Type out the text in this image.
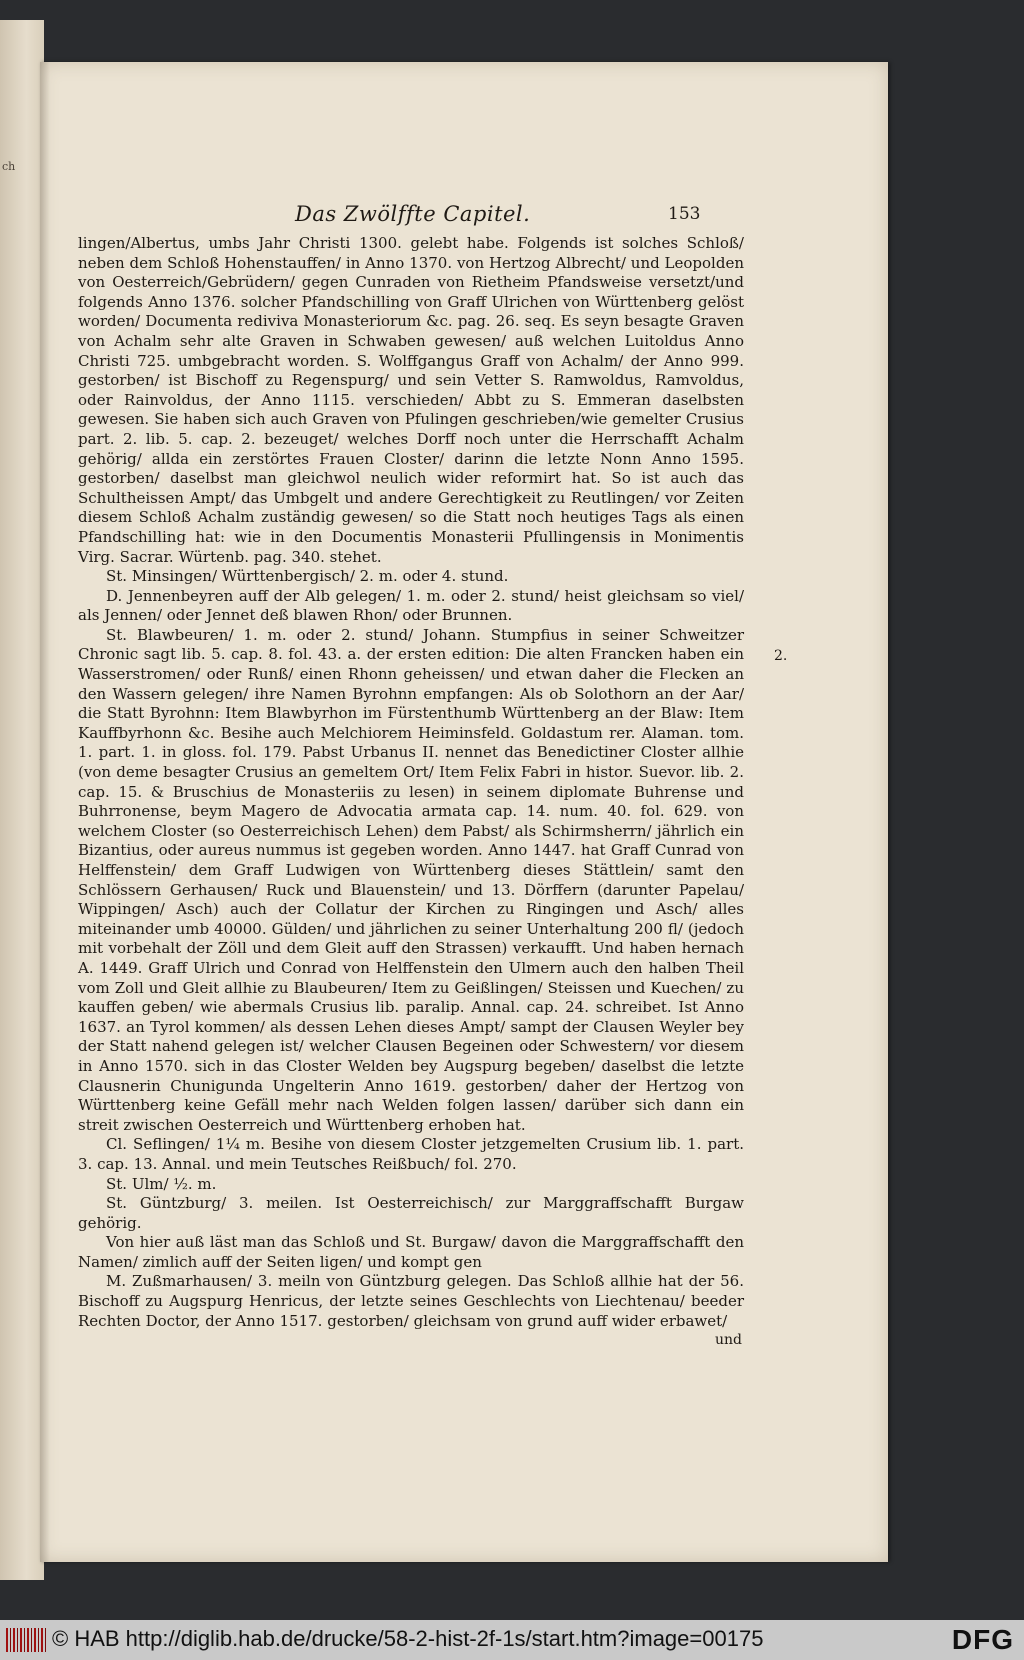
ch
Das Zwölffte Capitel.	153

lingen/Albertus, umbs Jahr Christi 1300. gelebt habe. Folgends ist solches Schloß/ neben dem Schloß Hohenstauffen/ in Anno 1370. von Hertzog Albrecht/ und Leopolden von Oesterreich/Gebrüdern/ gegen Cunraden von Rietheim Pfandsweise versetzt/und folgends Anno 1376. solcher Pfandschilling von Graff Ulrichen von Württenberg gelöst worden/ Documenta rediviva Monasteriorum &c. pag. 26. seq. Es seyn besagte Graven von Achalm sehr alte Graven in Schwaben gewesen/ auß welchen Luitoldus Anno Christi 725. umbgebracht worden. S. Wolffgangus Graff von Achalm/ der Anno 999. gestorben/ ist Bischoff zu Regenspurg/ und sein Vetter S. Ramwoldus, Ramvoldus, oder Rainvoldus, der Anno 1115. verschieden/ Abbt zu S. Emmeran daselbsten gewesen. Sie haben sich auch Graven von Pfulingen geschrieben/wie gemelter Crusius part. 2. lib. 5. cap. 2. bezeuget/ welches Dorff noch unter die Herrschafft Achalm gehörig/ allda ein zerstörtes Frauen Closter/ darinn die letzte Nonn Anno 1595. gestorben/ daselbst man gleichwol neulich wider reformirt hat. So ist auch das Schultheissen Ampt/ das Umbgelt und andere Gerechtigkeit zu Reutlingen/ vor Zeiten diesem Schloß Achalm zuständig gewesen/ so die Statt noch heutiges Tags als einen Pfandschilling hat: wie in den Documentis Monasterii Pfullingensis in Monimentis Virg. Sacrar. Würtenb. pag. 340. stehet.

St. Minsingen/ Württenbergisch/ 2. m. oder 4. stund.

D. Jennenbeyren auff der Alb gelegen/ 1. m. oder 2. stund/ heist gleichsam so viel/ als Jennen/ oder Jennet deß blawen Rhon/ oder Brunnen.

St. Blawbeuren/ 1. m. oder 2. stund/ Johann. Stumpfius in seiner Schweitzer Chronic sagt lib. 5. cap. 8. fol. 43. a. der ersten edition: Die alten Francken haben ein Wasserstromen/ oder Runß/ einen Rhonn geheissen/ und etwan daher die Flecken an den Wassern gelegen/ ihre Namen Byrohnn empfangen: Als ob Solothorn an der Aar/ die Statt Byrohnn: Item Blawbyrhon im Fürstenthumb Württenberg an der Blaw: Item Kauffbyrhonn &c. Besihe auch Melchiorem Heiminsfeld. Goldastum rer. Alaman. tom. 1. part. 1. in gloss. fol. 179. Pabst Urbanus II. nennet das Benedictiner Closter allhie (von deme besagter Crusius an gemeltem Ort/ Item Felix Fabri in histor. Suevor. lib. 2. cap. 15. & Bruschius de Monasteriis zu lesen) in seinem diplomate Buhrense und Buhrronense, beym Magero de Advocatia armata cap. 14. num. 40. fol. 629. von welchem Closter (so Oesterreichisch Lehen) dem Pabst/ als Schirmsherrn/ jährlich ein Bizantius, oder aureus nummus ist gegeben worden. Anno 1447. hat Graff Cunrad von Helffenstein/ dem Graff Ludwigen von Württenberg dieses Stättlein/ samt den Schlössern Gerhausen/ Ruck und Blauenstein/ und 13. Dörffern (darunter Papelau/ Wippingen/ Asch) auch der Collatur der Kirchen zu Ringingen und Asch/ alles miteinander umb 40000. Gülden/ und jährlichen zu seiner Unterhaltung 200 fl/ (jedoch mit vorbehalt der Zöll und dem Gleit auff den Strassen) verkaufft. Und haben hernach A. 1449. Graff Ulrich und Conrad von Helffenstein den Ulmern auch den halben Theil vom Zoll und Gleit allhie zu Blaubeuren/ Item zu Geißlingen/ Steissen und Kuechen/ zu kauffen geben/ wie abermals Crusius lib. paralip. Annal. cap. 24. schreibet. Ist Anno 1637. an Tyrol kommen/ als dessen Lehen dieses Ampt/ sampt der Clausen Weyler bey der Statt nahend gelegen ist/ welcher Clausen Begeinen oder Schwestern/ vor diesem in Anno 1570. sich in das Closter Welden bey Augspurg begeben/ daselbst die letzte Clausnerin Chunigunda Ungelterin Anno 1619. gestorben/ daher der Hertzog von Württenberg keine Gefäll mehr nach Welden folgen lassen/ darüber sich dann ein streit zwischen Oesterreich und Württenberg erhoben hat.

Cl. Seflingen/ 1¼ m. Besihe von diesem Closter jetzgemelten Crusium lib. 1. part. 3. cap. 13. Annal. und mein Teutsches Reißbuch/ fol. 270.

St. Ulm/ ½. m.

St. Güntzburg/ 3. meilen. Ist Oesterreichisch/ zur Marggraffschafft Burgaw gehörig.

Von hier auß läst man das Schloß und St. Burgaw/ davon die Marggraffschafft den Namen/ zimlich auff der Seiten ligen/ und kompt gen

M. Zußmarhausen/ 3. meiln von Güntzburg gelegen. Das Schloß allhie hat der 56. Bischoff zu Augspurg Henricus, der letzte seines Geschlechts von Liechtenau/ beeder Rechten Doctor, der Anno 1517. gestorben/ gleichsam von grund auff wider erbawet/

und

2.
© HAB http://diglib.hab.de/drucke/58-2-hist-2f-1s/start.htm?image=00175	DFG
